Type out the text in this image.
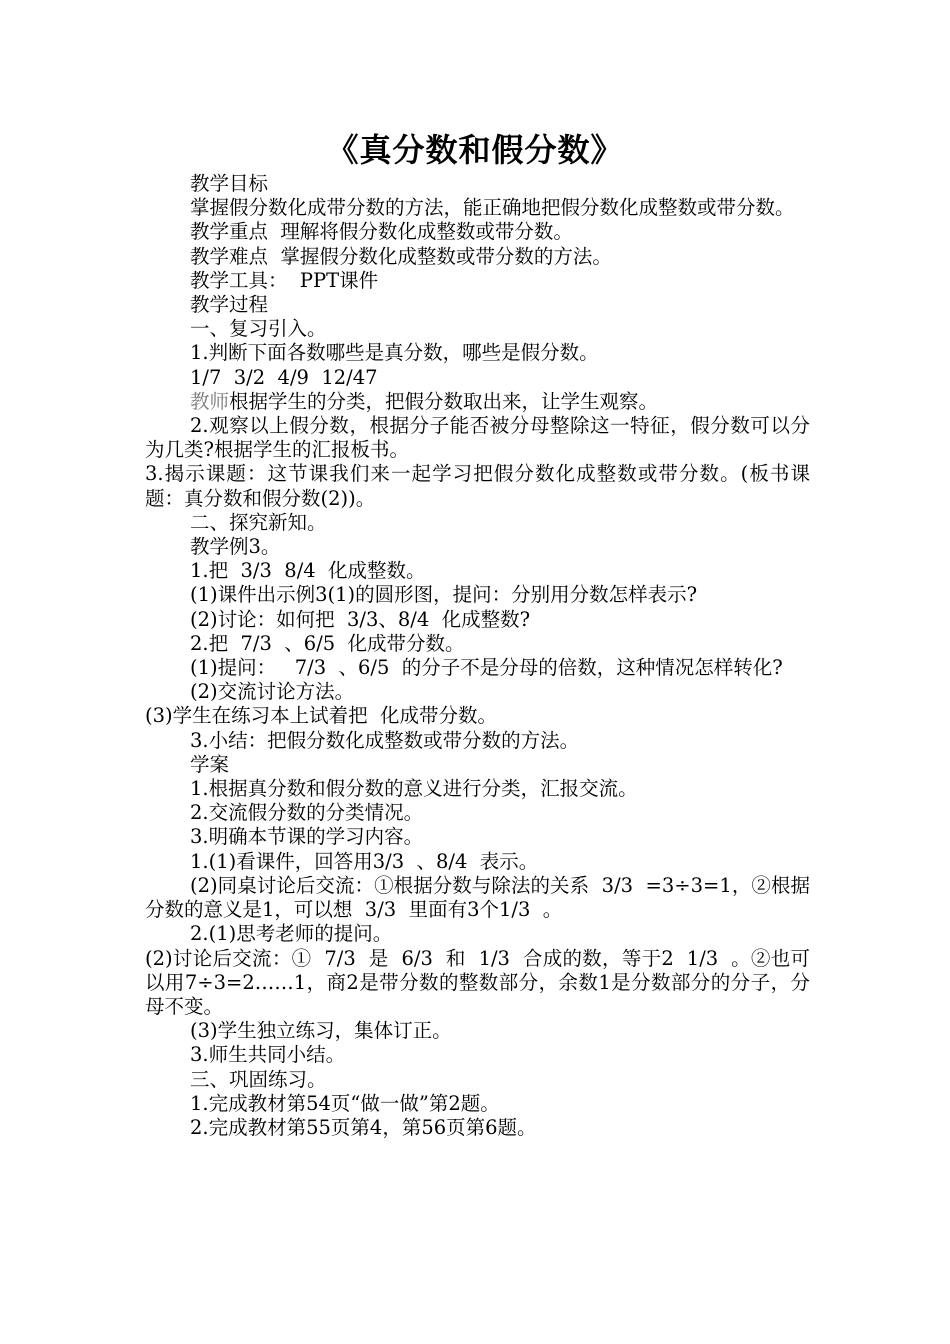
《真分数和假分数》

教学目标

掌握假分数化成带分数的方法，能正确地把假分数化成整数或带分数。

教学重点  理解将假分数化成整数或带分数。

教学难点  掌握假分数化成整数或带分数的方法。

教学工具：  PPT课件

教学过程

一、复习引入。

1.判断下面各数哪些是真分数，哪些是假分数。

1/7  3/2  4/9  12/47

教师根据学生的分类，把假分数取出来，让学生观察。

2.观察以上假分数，根据分子能否被分母整除这一特征，假分数可以分为几类?根据学生的汇报板书。

3.揭示课题：这节课我们来一起学习把假分数化成整数或带分数。(板书课题：真分数和假分数(2))。

二、探究新知。

教学例3。

1.把  3/3  8/4  化成整数。

(1)课件出示例3(1)的圆形图，提问：分别用分数怎样表示?

(2)讨论：如何把  3/3、8/4  化成整数?

2.把  7/3  、6/5  化成带分数。

(1)提问：   7/3  、6/5  的分子不是分母的倍数，这种情况怎样转化?

(2)交流讨论方法。

(3)学生在练习本上试着把  化成带分数。

3.小结：把假分数化成整数或带分数的方法。

学案

1.根据真分数和假分数的意义进行分类，汇报交流。

2.交流假分数的分类情况。

3.明确本节课的学习内容。

1.(1)看课件，回答用3/3  、8/4  表示。

(2)同桌讨论后交流：①根据分数与除法的关系  3/3  =3÷3=1，②根据分数的意义是1，可以想  3/3  里面有3个1/3  。

2.(1)思考老师的提问。

(2)讨论后交流：①  7/3  是  6/3  和  1/3  合成的数，等于2  1/3  。②也可以用7÷3=2……1，商2是带分数的整数部分，余数1是分数部分的分子，分母不变。

(3)学生独立练习，集体订正。

3.师生共同小结。

三、巩固练习。

1.完成教材第54页“做一做”第2题。

2.完成教材第55页第4，第56页第6题。
